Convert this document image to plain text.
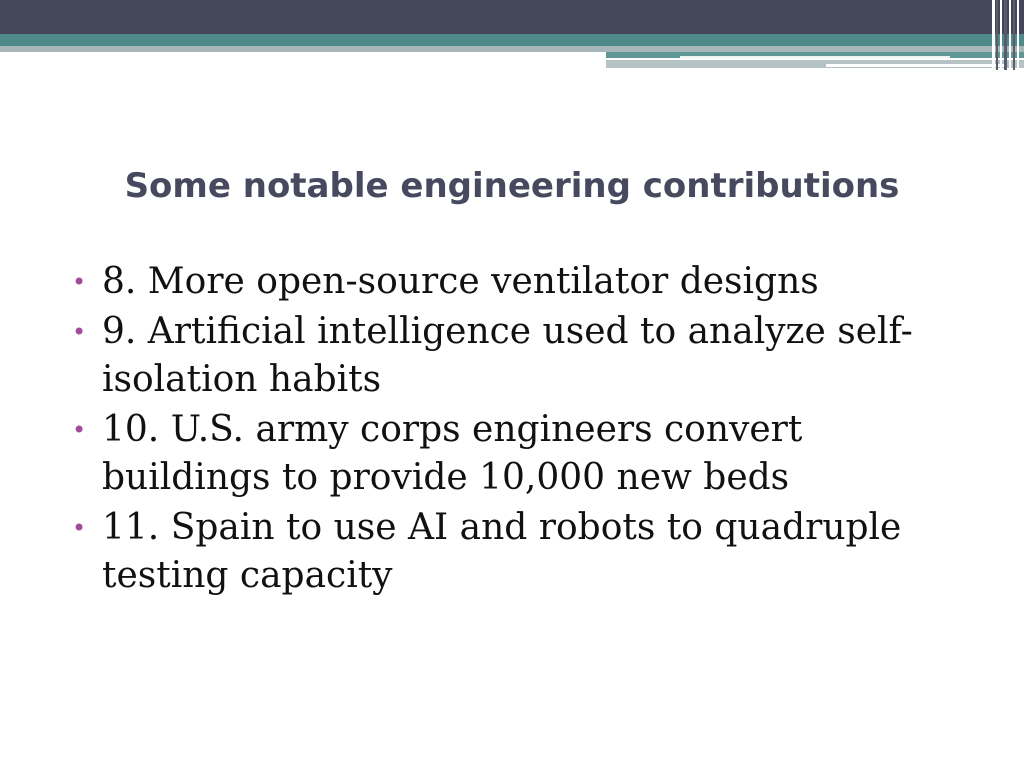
Some notable engineering contributions
• 8. More open-source ventilator designs
• 9. Artificial intelligence used to analyze self-isolation habits
• 10. U.S. army corps engineers convert buildings to provide 10,000 new beds
• 11. Spain to use AI and robots to quadruple testing capacity
